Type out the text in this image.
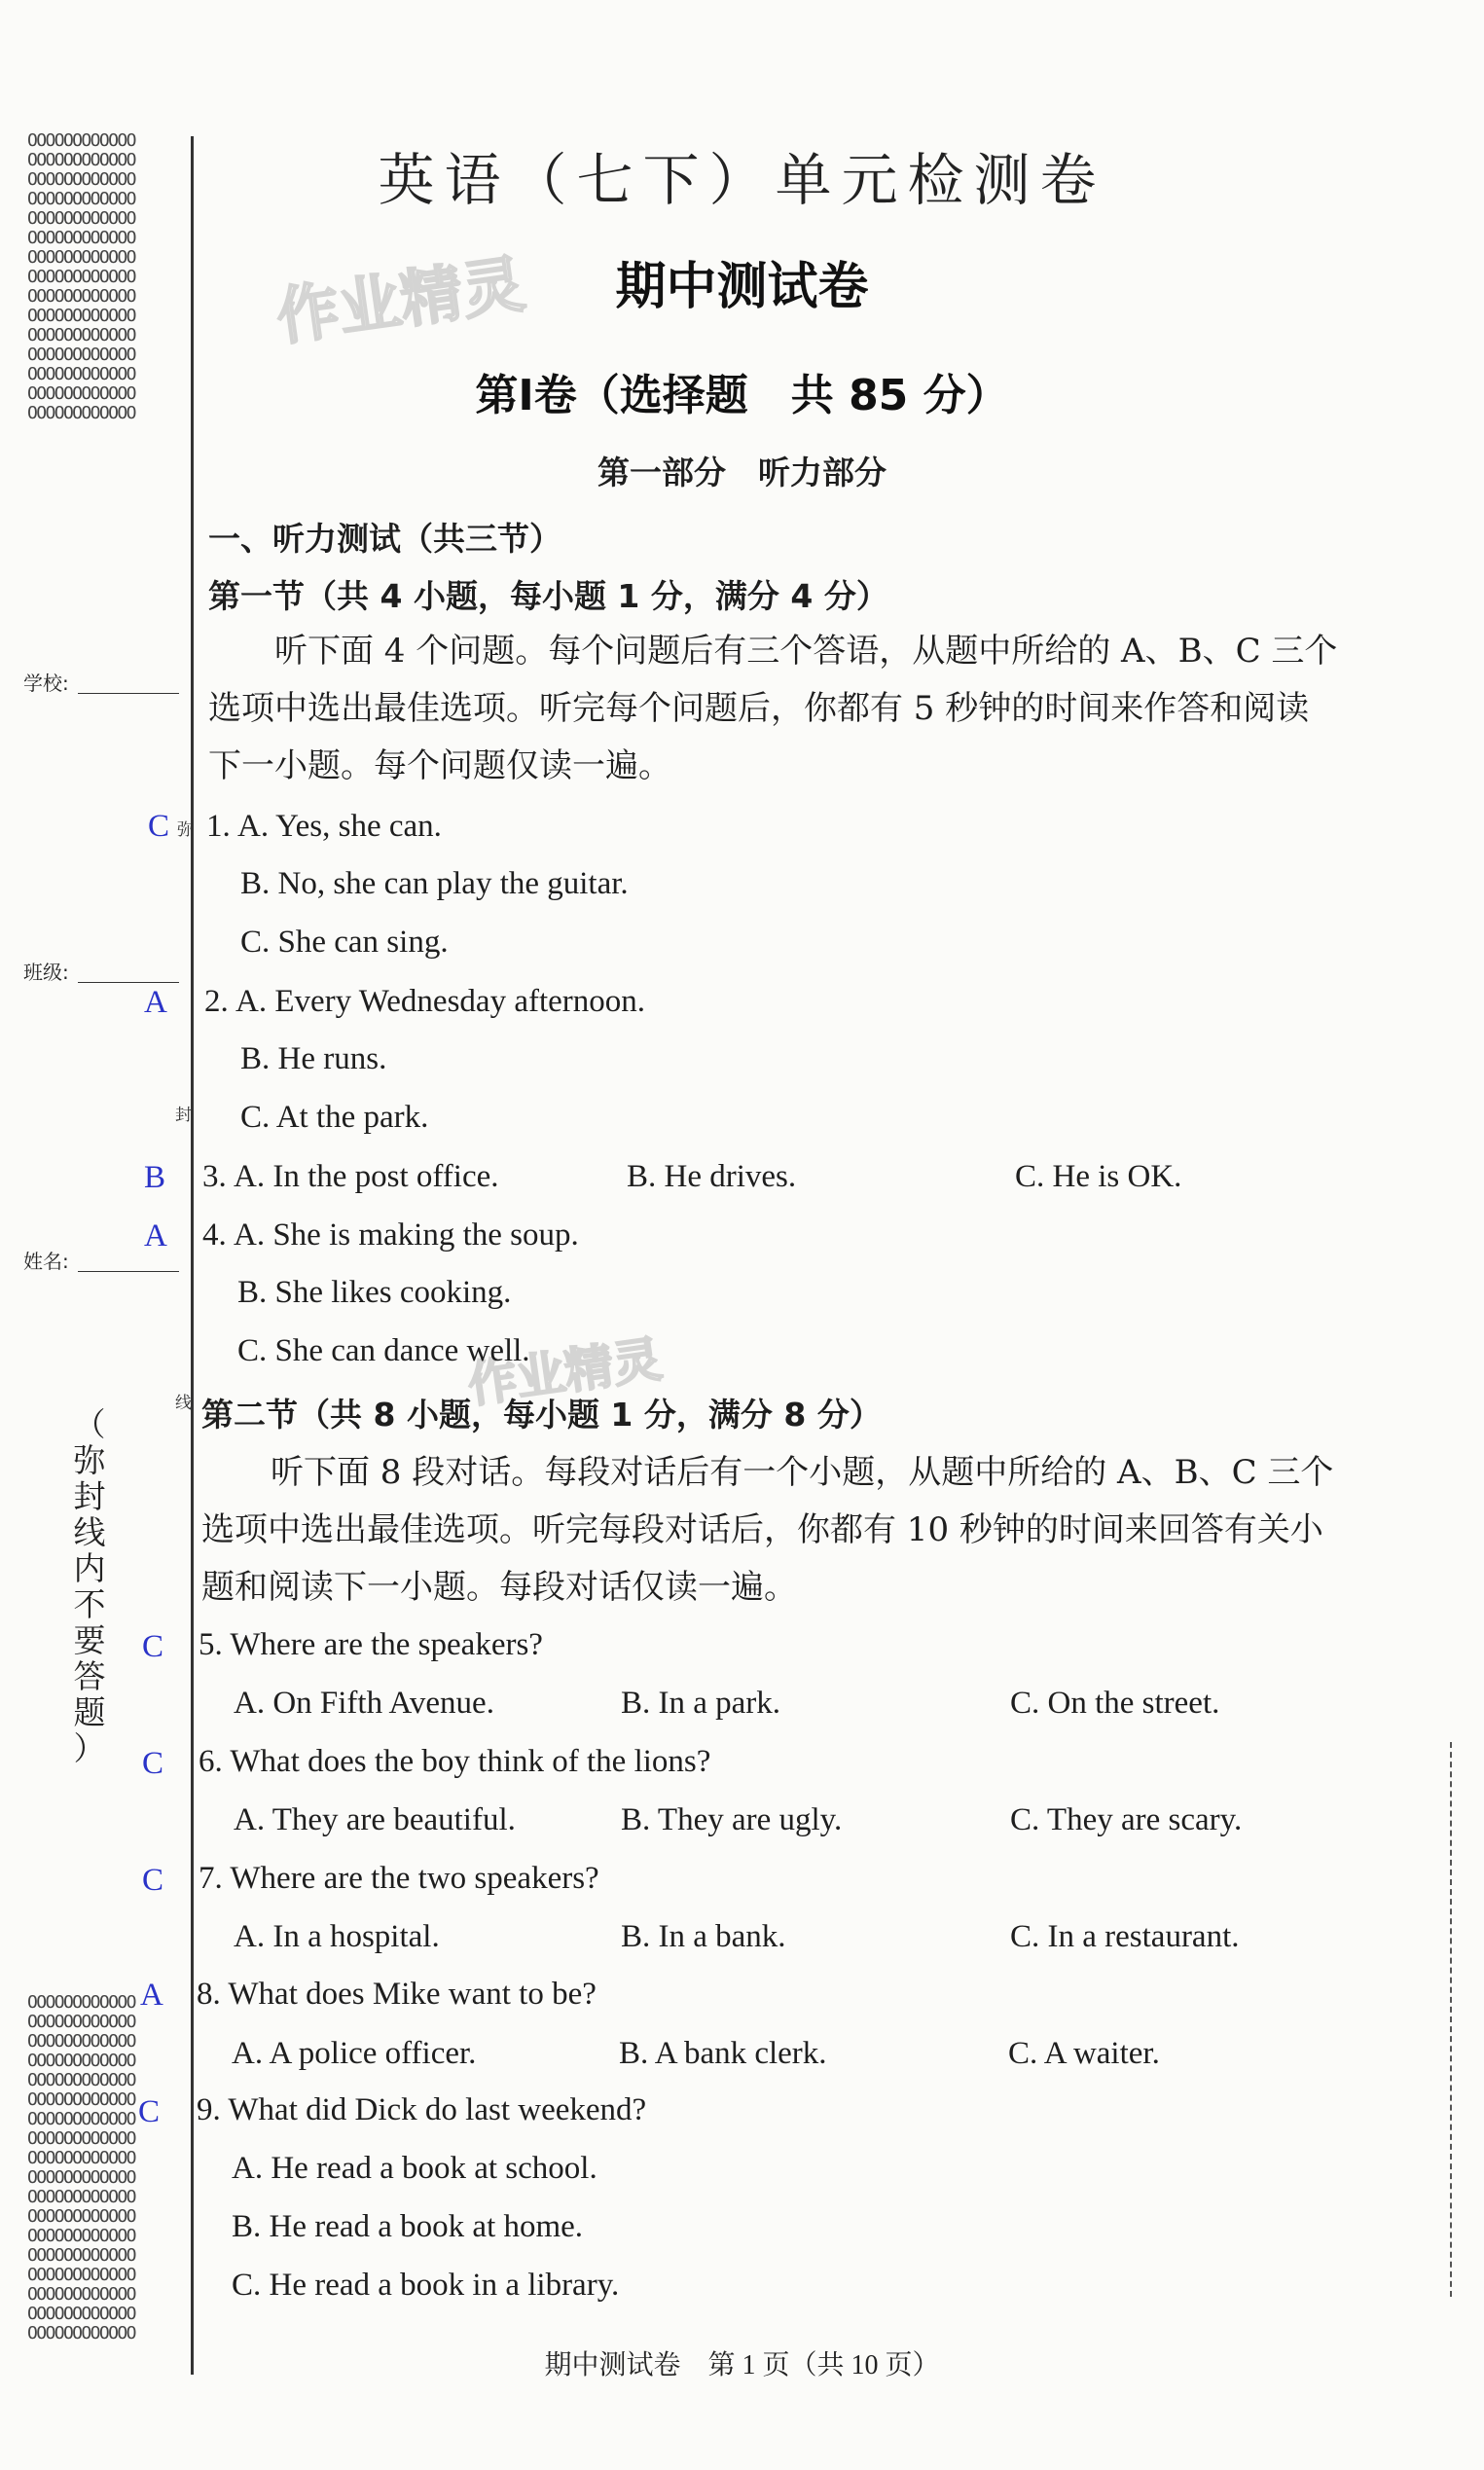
OOOOOOOOOOOO
OOOOOOOOOOOO
OOOOOOOOOOOO
OOOOOOOOOOOO
OOOOOOOOOOOO
OOOOOOOOOOOO
OOOOOOOOOOOO
OOOOOOOOOOOO
OOOOOOOOOOOO
OOOOOOOOOOOO
OOOOOOOOOOOO
OOOOOOOOOOOO
OOOOOOOOOOOO
OOOOOOOOOOOO
OOOOOOOOOOOO
OOOOOOOOOOOO
OOOOOOOOOOOO
OOOOOOOOOOOO
OOOOOOOOOOOO
OOOOOOOOOOOO
OOOOOOOOOOOO
OOOOOOOOOOOO
OOOOOOOOOOOO
OOOOOOOOOOOO
OOOOOOOOOOOO
OOOOOOOOOOOO
OOOOOOOOOOOO
OOOOOOOOOOOO
OOOOOOOOOOOO
OOOOOOOOOOOO
OOOOOOOOOOOO
OOOOOOOOOOOO
OOOOOOOOOOOO
学校:
班级:
姓名:
弥
封
线
（
弥
封
线
内
不
要
答
题
）
作业精灵
作业精灵
英语（七下）单元检测卷
期中测试卷
第Ⅰ卷（选择题　共 85 分）
第一部分　听力部分
一、听力测试（共三节）
第一节（共 4 小题，每小题 1 分，满分 4 分）
听下面 4 个问题。每个问题后有三个答语，从题中所给的 A、B、C 三个
选项中选出最佳选项。听完每个问题后，你都有 5 秒钟的时间来作答和阅读
下一小题。每个问题仅读一遍。
C 1. A. Yes, she can.
B. No, she can play the guitar.
C. She can sing.
A 2. A. Every Wednesday afternoon.
B. He runs.
C. At the park.
B 3. A. In the post office.	B. He drives.	C. He is OK.
A 4. A. She is making the soup.
B. She likes cooking.
C. She can dance well.
第二节（共 8 小题，每小题 1 分，满分 8 分）
听下面 8 段对话。每段对话后有一个小题，从题中所给的 A、B、C 三个
选项中选出最佳选项。听完每段对话后，你都有 10 秒钟的时间来回答有关小
题和阅读下一小题。每段对话仅读一遍。
C 5. Where are the speakers?
A. On Fifth Avenue.	B. In a park.	C. On the street.
C 6. What does the boy think of the lions?
A. They are beautiful.	B. They are ugly.	C. They are scary.
C 7. Where are the two speakers?
A. In a hospital.	B. In a bank.	C. In a restaurant.
A 8. What does Mike want to be?
A. A police officer.	B. A bank clerk.	C. A waiter.
C 9. What did Dick do last weekend?
A. He read a book at school.
B. He read a book at home.
C. He read a book in a library.
期中测试卷　第 1 页（共 10 页）
